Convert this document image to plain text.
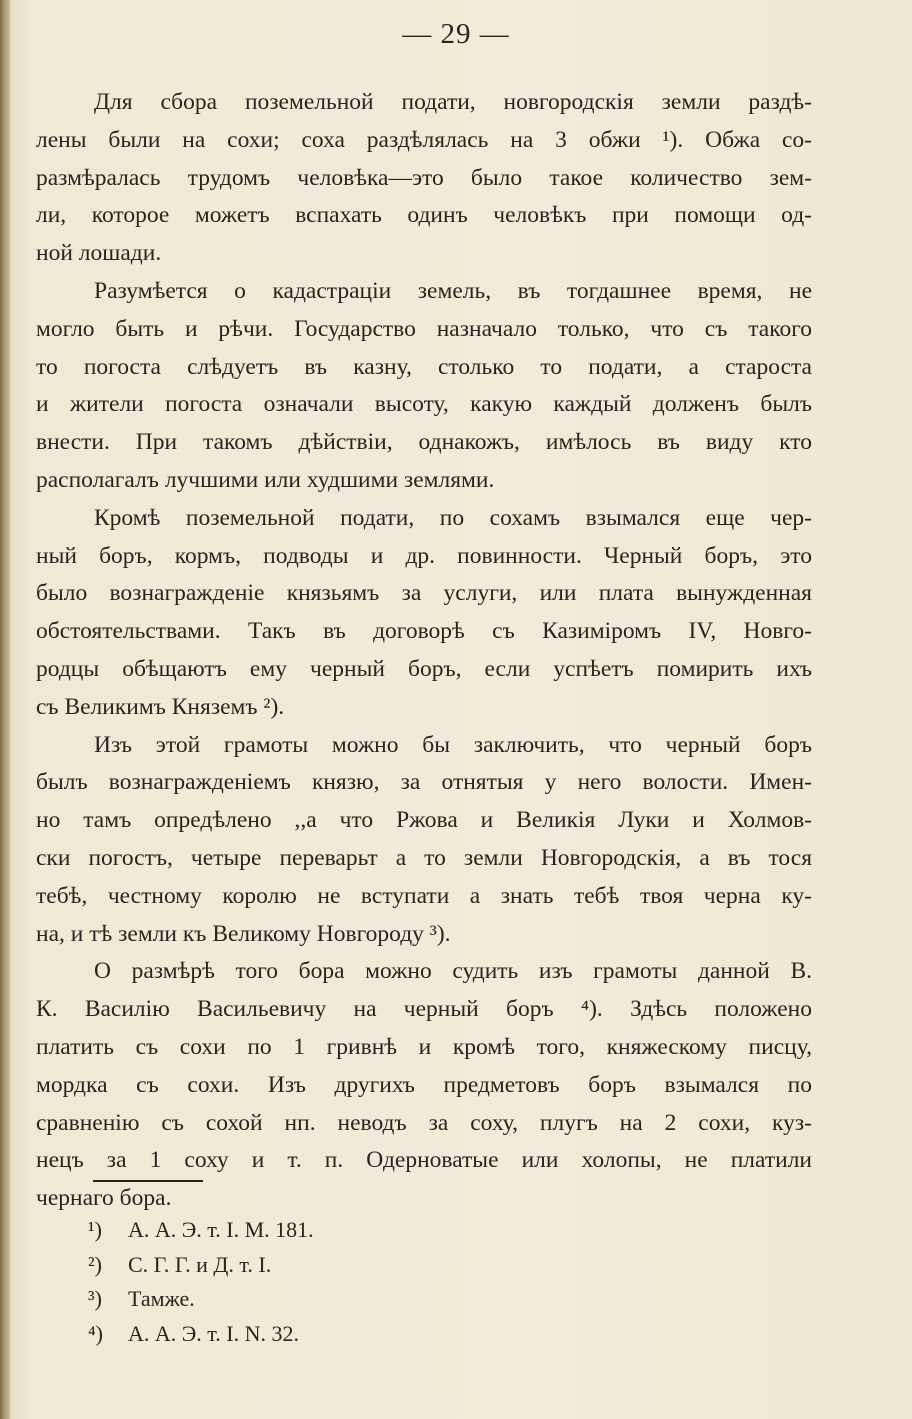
— 29 —

Для сбора поземельной подати, новгородскія земли раздѣ-
лены были на сохи; соха раздѣлялась на 3 обжи ¹). Обжа со-
размѣралась трудомъ человѣка—это было такое количество зем-
ли, которое можетъ вспахать одинъ человѣкъ при помощи од-
ной лошади.

Разумѣется о кадастраціи земель, въ тогдашнее время, не
могло быть и рѣчи. Государство назначало только, что съ такого
то погоста слѣдуетъ въ казну, столько то подати, а староста
и жители погоста означали высоту, какую каждый долженъ былъ
внести. При такомъ дѣйствіи, однакожъ, имѣлось въ виду кто
располагалъ лучшими или худшими землями.

Кромѣ поземельной подати, по сохамъ взымался еще чер-
ный боръ, кормъ, подводы и др. повинности. Черный боръ, это
было вознагражденіе князьямъ за услуги, или плата вынужденная
обстоятельствами. Такъ въ договорѣ съ Казиміромъ IV, Новго-
родцы обѣщаютъ ему черный боръ, если успѣетъ помирить ихъ
съ Великимъ Княземъ ²).

Изъ этой грамоты можно бы заключить, что черный боръ
былъ вознагражденіемъ князю, за отнятыя у него волости. Имен-
но тамъ опредѣлено ,,а что Ржова и Великія Луки и Холмов-
ски погостъ, четыре переварьт а то земли Новгородскія, а въ тося
тебѣ, честному королю не вступати а знать тебѣ твоя черна ку-
на, и тѣ земли къ Великому Новгороду ³).

О размѣрѣ того бора можно судить изъ грамоты данной В.
К. Василію Васильевичу на черный боръ ⁴). Здѣсь положено
платить съ сохи по 1 гривнѣ и кромѣ того, княжескому писцу,
мордка съ сохи. Изъ другихъ предметовъ боръ взымался по
сравненію съ сохой нп. неводъ за соху, плугъ на 2 сохи, куз-
нецъ за 1 соху и т. п. Одерноватые или холопы, не платили
чернаго бора.

¹)	А. А. Э. т. I. М. 181.
²)	С. Г. Г. и Д. т. I.
³)	Тамже.
⁴)	А. А. Э. т. I. N. 32.
